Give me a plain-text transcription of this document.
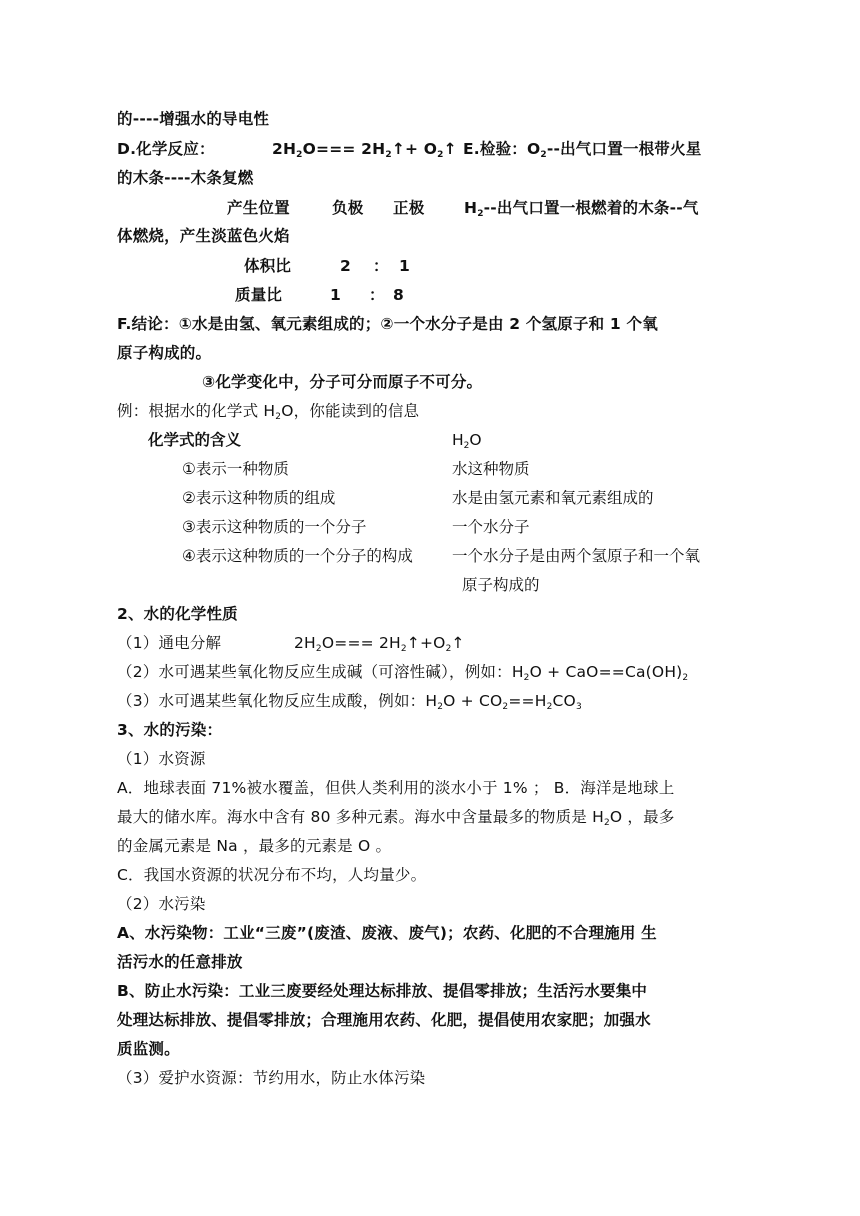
的----增强水的导电性
D.化学反应：	$2H_2O===$ $2H_2↑+$ $O_2↑$ E.检验：$O_2--$出气口置一根带火星
的木条----木条复燃
产生位置	负极 正极	$H_2--$出气口置一根燃着的木条--气
体燃烧，产生淡蓝色火焰
体积比	2 ： 1
质量比	1 ： 8
F.结论：①水是由氢、氧元素组成的；②一个水分子是由 2 个氢原子和 1 个氧
原子构成的。
③化学变化中，分子可分而原子不可分。
例：根据水的化学式 $H_2O$，你能读到的信息
化学式的含义	$H_2O$
①表示一种物质	水这种物质
②表示这种物质的组成	水是由氢元素和氧元素组成的
③表示这种物质的一个分子	一个水分子
④表示这种物质的一个分子的构成	一个水分子是由两个氢原子和一个氧
原子构成的
2、水的化学性质
（1）通电分解	$2H_2O===$ $2H_2↑+O_2↑$
（2）水可遇某些氧化物反应生成碱（可溶性碱），例如：$H_2O + CaO==Ca(OH)_2$
（3）水可遇某些氧化物反应生成酸，例如：$H_2O + CO_2==H_2CO_3$
3、水的污染：
（1）水资源
A．地球表面 71%被水覆盖，但供人类利用的淡水小于 1% ； B．海洋是地球上
最大的储水库。海水中含有 80 多种元素。海水中含量最多的物质是 $H_2O$ ，最多
的金属元素是 Na ，最多的元素是 O 。
C．我国水资源的状况分布不均，人均量少。
（2）水污染
A、水污染物：工业“三废”(废渣、废液、废气)；农药、化肥的不合理施用 生
活污水的任意排放
B、防止水污染：工业三废要经处理达标排放、提倡零排放；生活污水要集中
处理达标排放、提倡零排放；合理施用农药、化肥，提倡使用农家肥；加强水
质监测。
（3）爱护水资源：节约用水，防止水体污染
